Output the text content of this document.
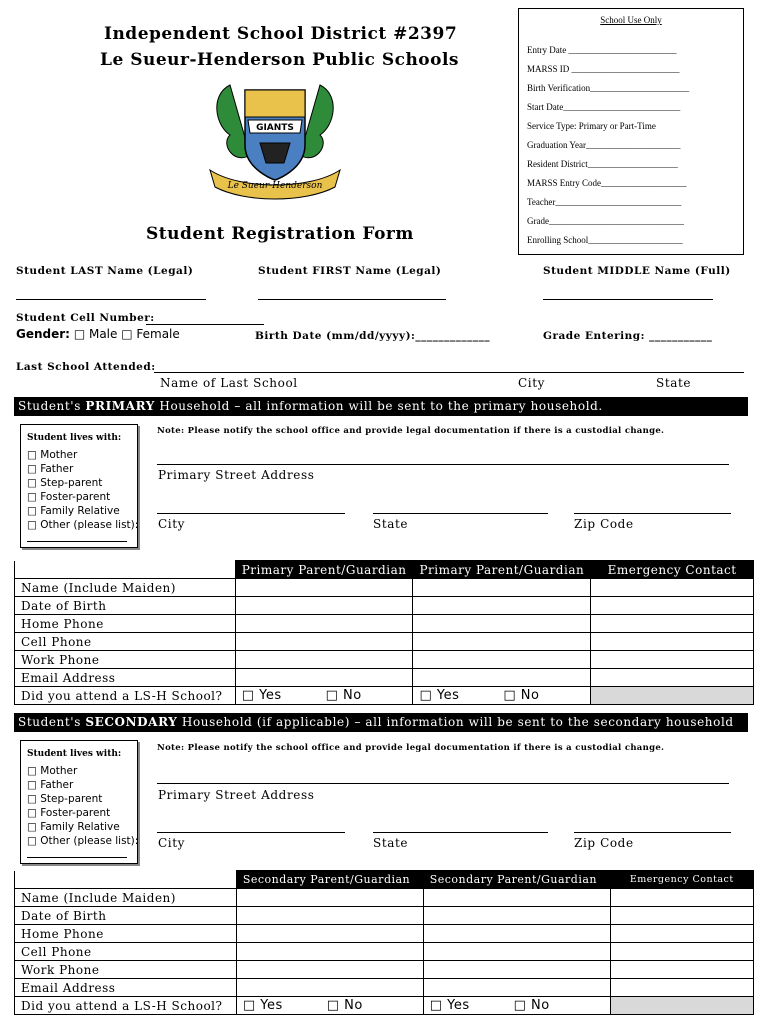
Independent School District #2397
Le Sueur-Henderson Public Schools
GIANTS
Le Sueur-Henderson
Student Registration Form
School Use Only
Entry Date ________________________
MARSS ID ________________________
Birth Verification______________________
Start Date__________________________
Service Type: Primary or Part-Time
Graduation Year_____________________
Resident District____________________
MARSS Entry Code___________________
Teacher____________________________
Grade______________________________
Enrolling School_____________________
Student LAST Name (Legal)	Student FIRST Name (Legal)	Student MIDDLE Name (Full)
Student Cell Number:
Gender: □ Male □ Female	Birth Date (mm/dd/yyyy):_____________	Grade Entering: ___________
Last School Attended:
Name of Last School	City	State
Student's PRIMARY Household – all information will be sent to the primary household.
Student lives with:
□ Mother
□ Father
□ Step-parent
□ Foster-parent
□ Family Relative
□ Other (please list):
Note: Please notify the school office and provide legal documentation if there is a custodial change.
Primary Street Address
City	State	Zip Code
	Primary Parent/Guardian	Primary Parent/Guardian	Emergency Contact
Name (Include Maiden)			
Date of Birth			
Home Phone			
Cell Phone			
Work Phone			
Email Address			
Did you attend a LS-H School?	□ Yes □ No	□ Yes □ No	
Student's SECONDARY Household (if applicable) – all information will be sent to the secondary household
Student lives with:
□ Mother
□ Father
□ Step-parent
□ Foster-parent
□ Family Relative
□ Other (please list):
Note: Please notify the school office and provide legal documentation if there is a custodial change.
Primary Street Address
City	State	Zip Code
	Secondary Parent/Guardian	Secondary Parent/Guardian	Emergency Contact
Name (Include Maiden)			
Date of Birth			
Home Phone			
Cell Phone			
Work Phone			
Email Address			
Did you attend a LS-H School?	□ Yes □ No	□ Yes □ No	
